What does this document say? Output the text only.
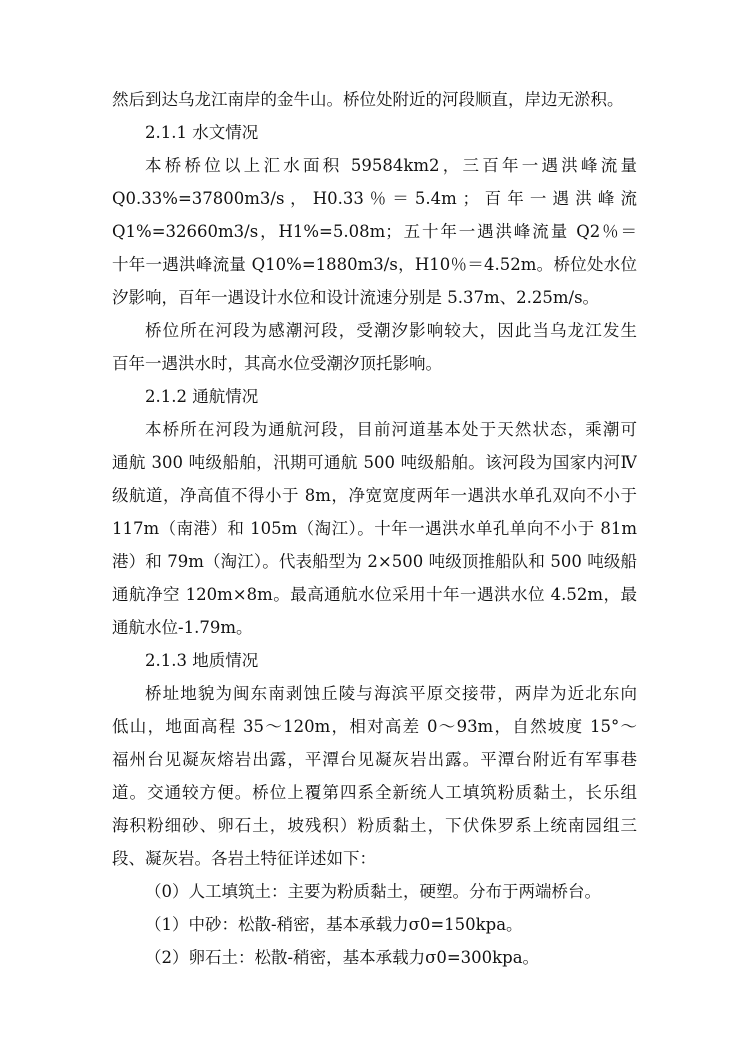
然后到达乌龙江南岸的金牛山。桥位处附近的河段顺直，岸边无淤积。
2.1.1 水文情况
本桥桥位以上汇水面积 59584km2，三百年一遇洪峰流量
Q0.33%=37800m3/s ， H0.33 ％ ＝ 5.4m ； 百 年 一 遇 洪 峰 流
Q1%=32660m3/s，H1%=5.08m；五十年一遇洪峰流量 Q2％＝
十年一遇洪峰流量 Q10%=1880m3/s，H10％＝4.52m。桥位处水位
汐影响，百年一遇设计水位和设计流速分别是 5.37m、2.25m/s。
桥位所在河段为感潮河段，受潮汐影响较大，因此当乌龙江发生
百年一遇洪水时，其高水位受潮汐顶托影响。
2.1.2 通航情况
本桥所在河段为通航河段，目前河道基本处于天然状态，乘潮可
通航 300 吨级船舶，汛期可通航 500 吨级船舶。该河段为国家内河Ⅳ
级航道，净高值不得小于 8m，净宽宽度两年一遇洪水单孔双向不小于
117m（南港）和 105m（淘江）。十年一遇洪水单孔单向不小于 81m
港）和 79m（淘江）。代表船型为 2×500 吨级顶推船队和 500 吨级船
通航净空 120m×8m。最高通航水位采用十年一遇洪水位 4.52m，最
通航水位-1.79m。
2.1.3 地质情况
桥址地貌为闽东南剥蚀丘陵与海滨平原交接带，两岸为近北东向
低山，地面高程 35～120m，相对高差 0～93m，自然坡度 15°～
福州台见凝灰熔岩出露，平潭台见凝灰岩出露。平潭台附近有军事巷
道。交通较方便。桥位上覆第四系全新统人工填筑粉质黏土，长乐组
海积粉细砂、卵石土，坡残积）粉质黏土，下伏侏罗系上统南园组三
段、凝灰岩。各岩土特征详述如下：
（0）人工填筑土：主要为粉质黏土，硬塑。分布于两端桥台。
（1）中砂：松散-稍密，基本承载力σ0=150kpa。
（2）卵石土：松散-稍密，基本承载力σ0=300kpa。
